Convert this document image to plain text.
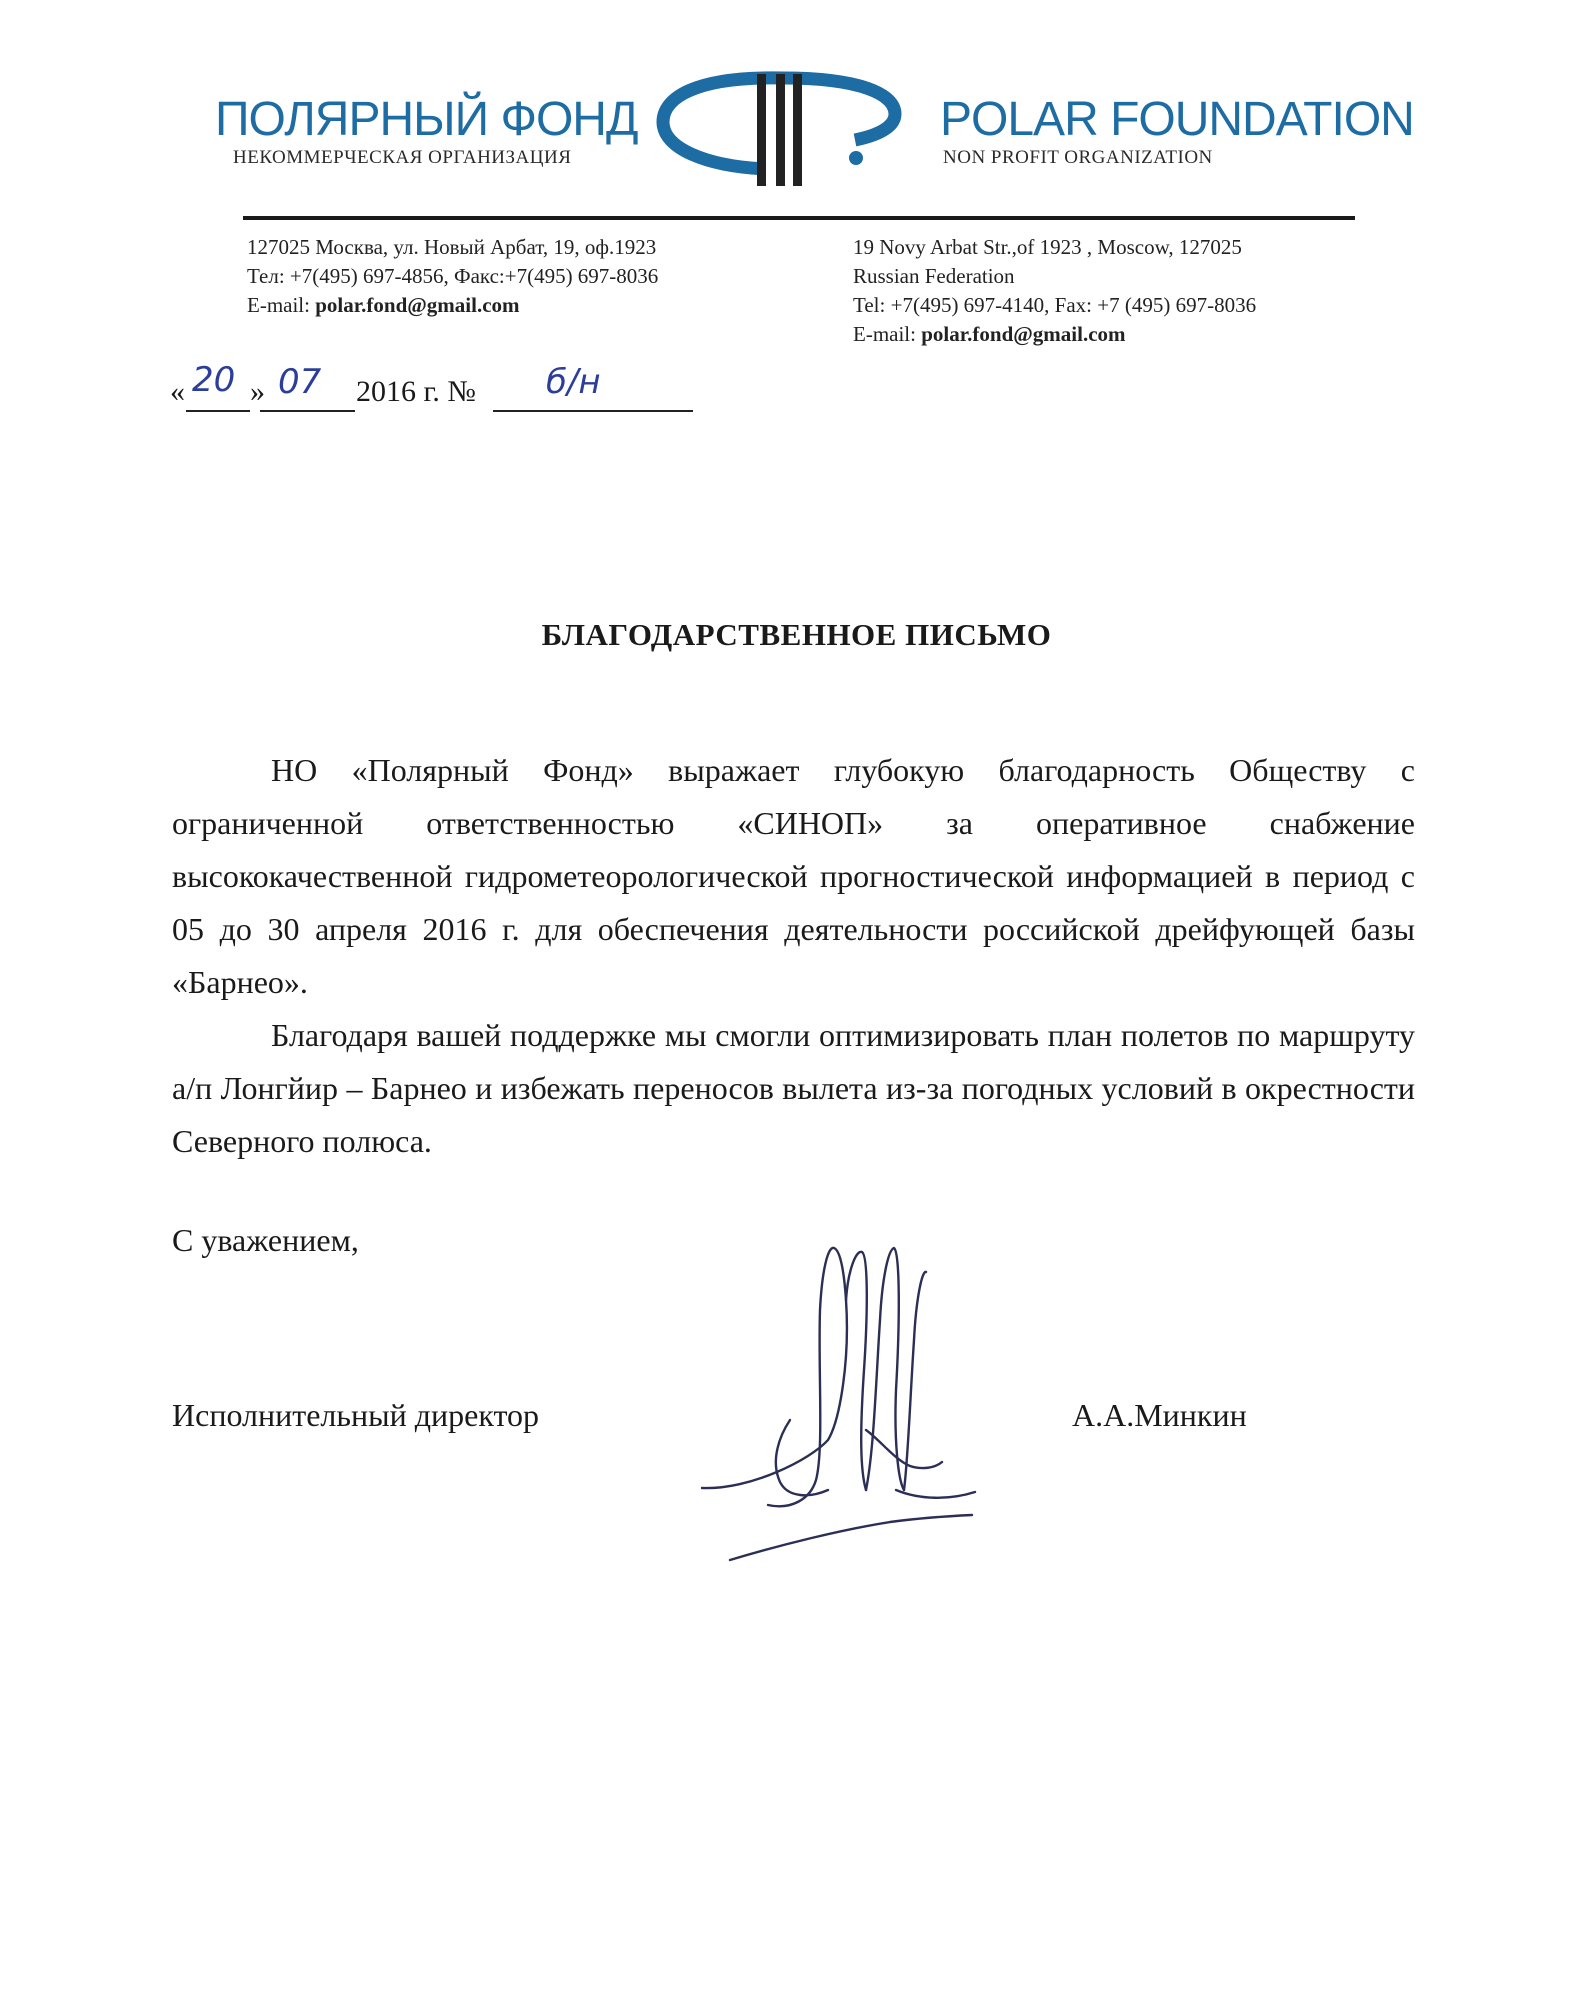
ПОЛЯРНЫЙ ФОНД
НЕКОММЕРЧЕСКАЯ ОРГАНИЗАЦИЯ
POLAR FOUNDATION
NON PROFIT ORGANIZATION
127025 Москва, ул. Новый Арбат, 19, оф.1923
Тел: +7(495) 697-4856, Факс:+7(495) 697-8036
E-mail: polar.fond@gmail.com
19 Novy Arbat Str.,of 1923 , Moscow, 127025
Russian Federation
Tel: +7(495) 697-4140, Fax: +7 (495) 697-8036
E-mail: polar.fond@gmail.com
« 20 » 07 2016 г. № б/н
БЛАГОДАРСТВЕННОЕ ПИСЬМО

НО «Полярный Фонд» выражает глубокую благодарность Обществу с ограниченной ответственностью «СИНОП» за оперативное снабжение высококачественной гидрометеорологической прогностической информацией в период с 05 до 30 апреля 2016 г. для обеспечения деятельности российской дрейфующей базы «Барнео».

Благодаря вашей поддержке мы смогли оптимизировать план полетов по маршруту а/п Лонгйир – Барнео и избежать переносов вылета из-за погодных условий в окрестности Северного полюса.

С уважением,
Исполнительный директор	А.А.Минкин
